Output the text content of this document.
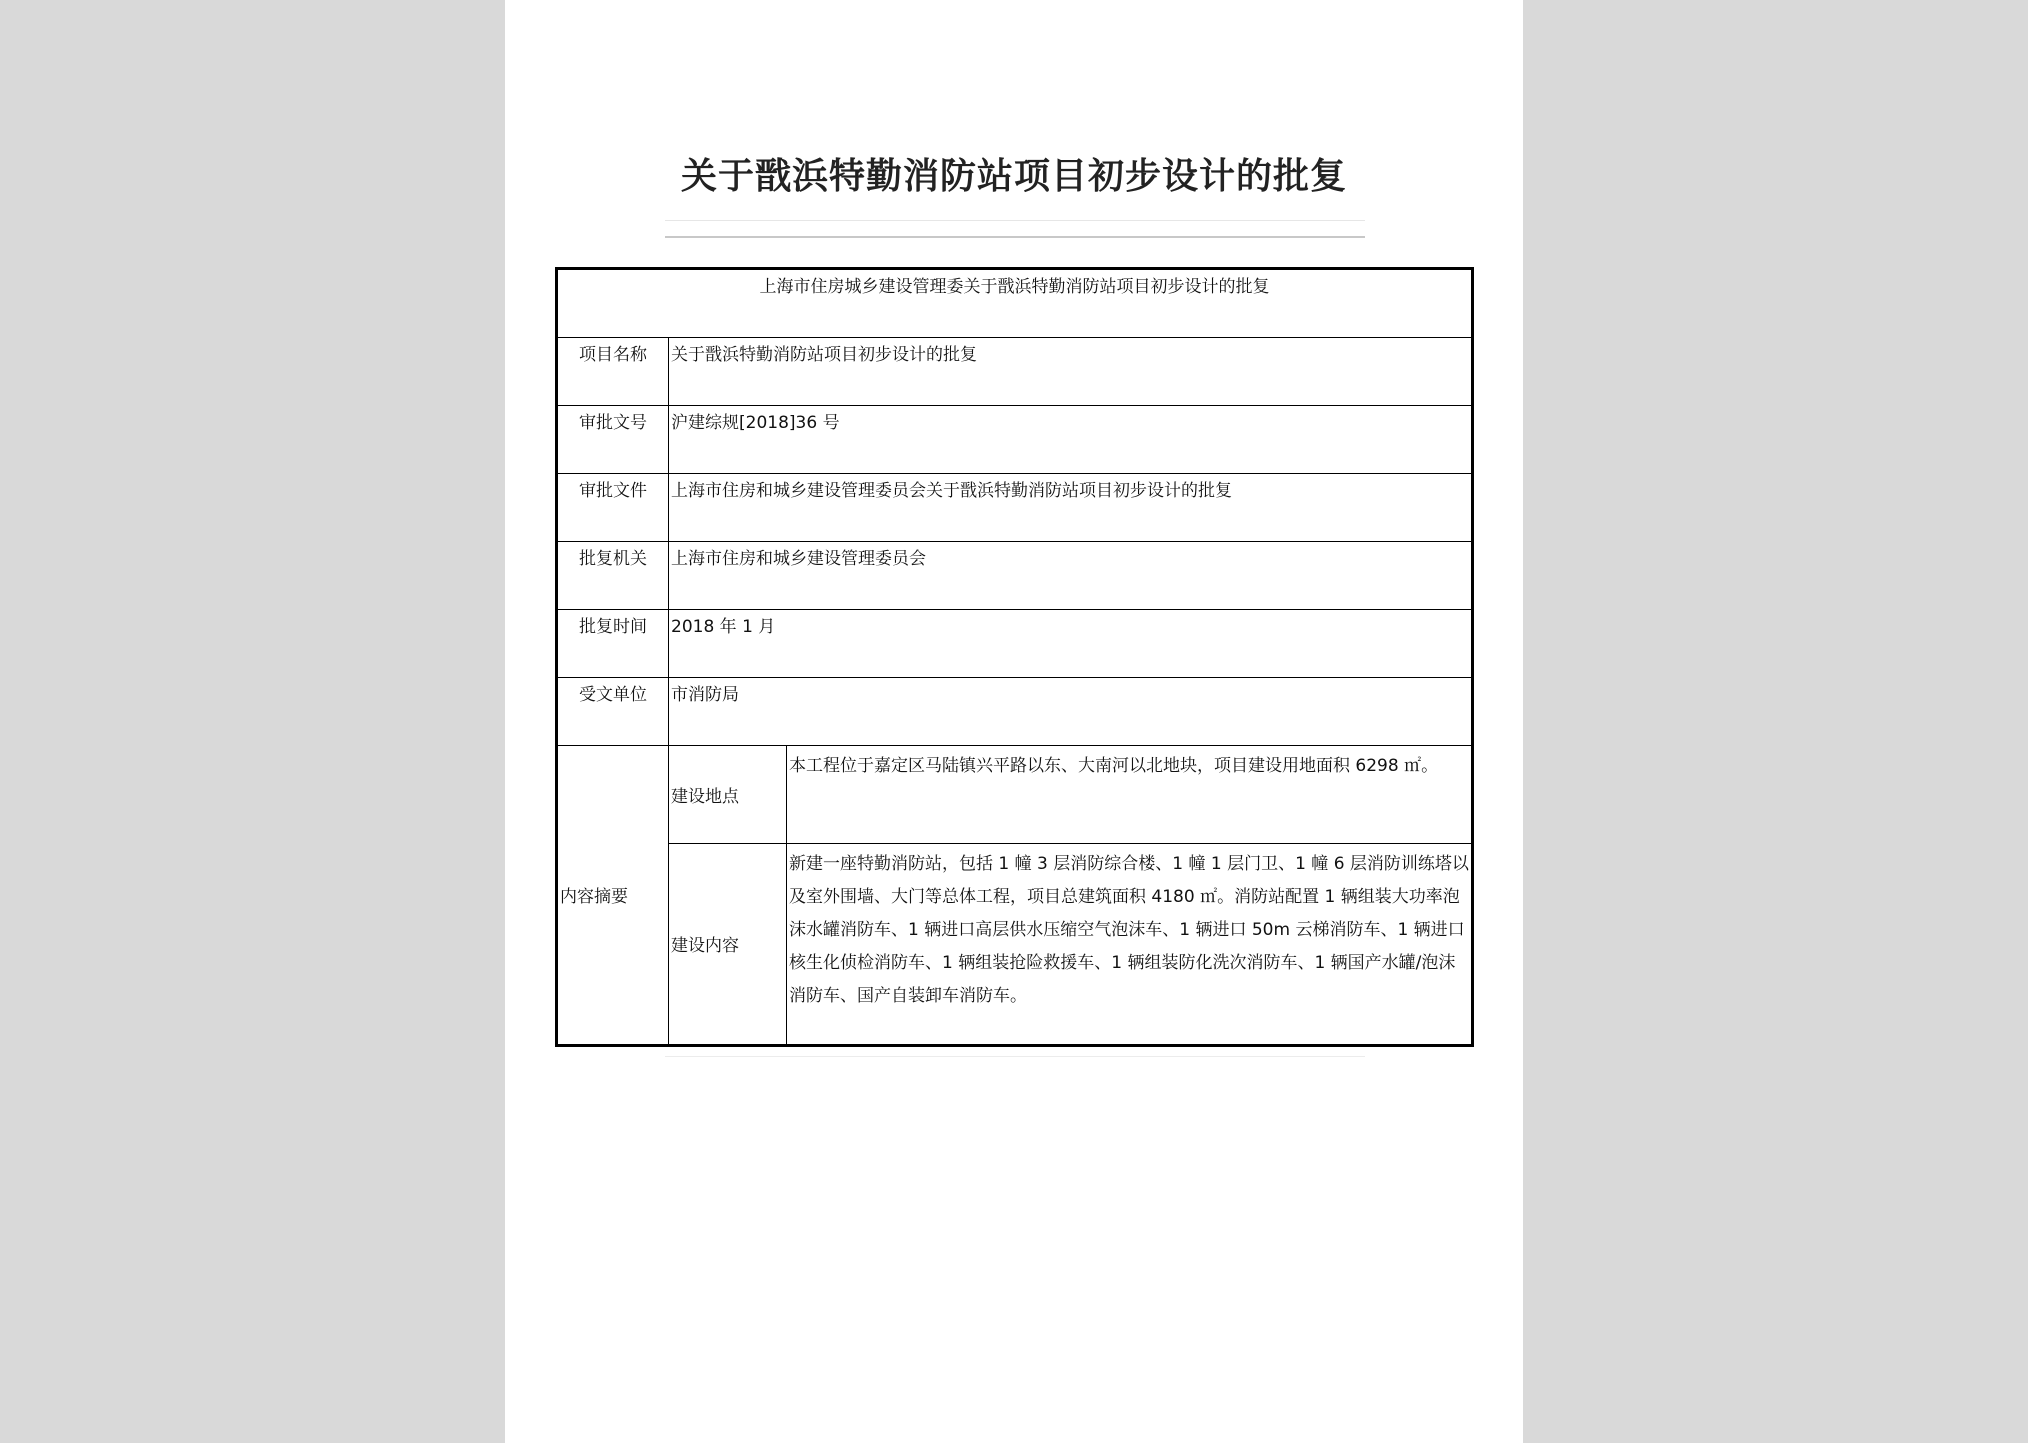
关于戬浜特勤消防站项目初步设计的批复
上海市住房城乡建设管理委关于戬浜特勤消防站项目初步设计的批复		
项目名称	关于戬浜特勤消防站项目初步设计的批复	
审批文号	沪建综规[2018]36 号	
审批文件	上海市住房和城乡建设管理委员会关于戬浜特勤消防站项目初步设计的批复	
批复机关	上海市住房和城乡建设管理委员会	
批复时间	2018 年 1 月	
受文单位	市消防局	
内容摘要	建设地点	本工程位于嘉定区马陆镇兴平路以东、大南河以北地块，项目建设用地面积 6298 ㎡。
	建设内容	新建一座特勤消防站，包括 1 幢 3 层消防综合楼、1 幢 1 层门卫、1 幢 6 层消防训练塔以及室外围墙、大门等总体工程，项目总建筑面积 4180 ㎡。消防站配置 1 辆组装大功率泡沫水罐消防车、1 辆进口高层供水压缩空气泡沫车、1 辆进口 50m 云梯消防车、1 辆进口核生化侦检消防车、1 辆组装抢险救援车、1 辆组装防化洗次消防车、1 辆国产水罐/泡沫消防车、国产自装卸车消防车。
